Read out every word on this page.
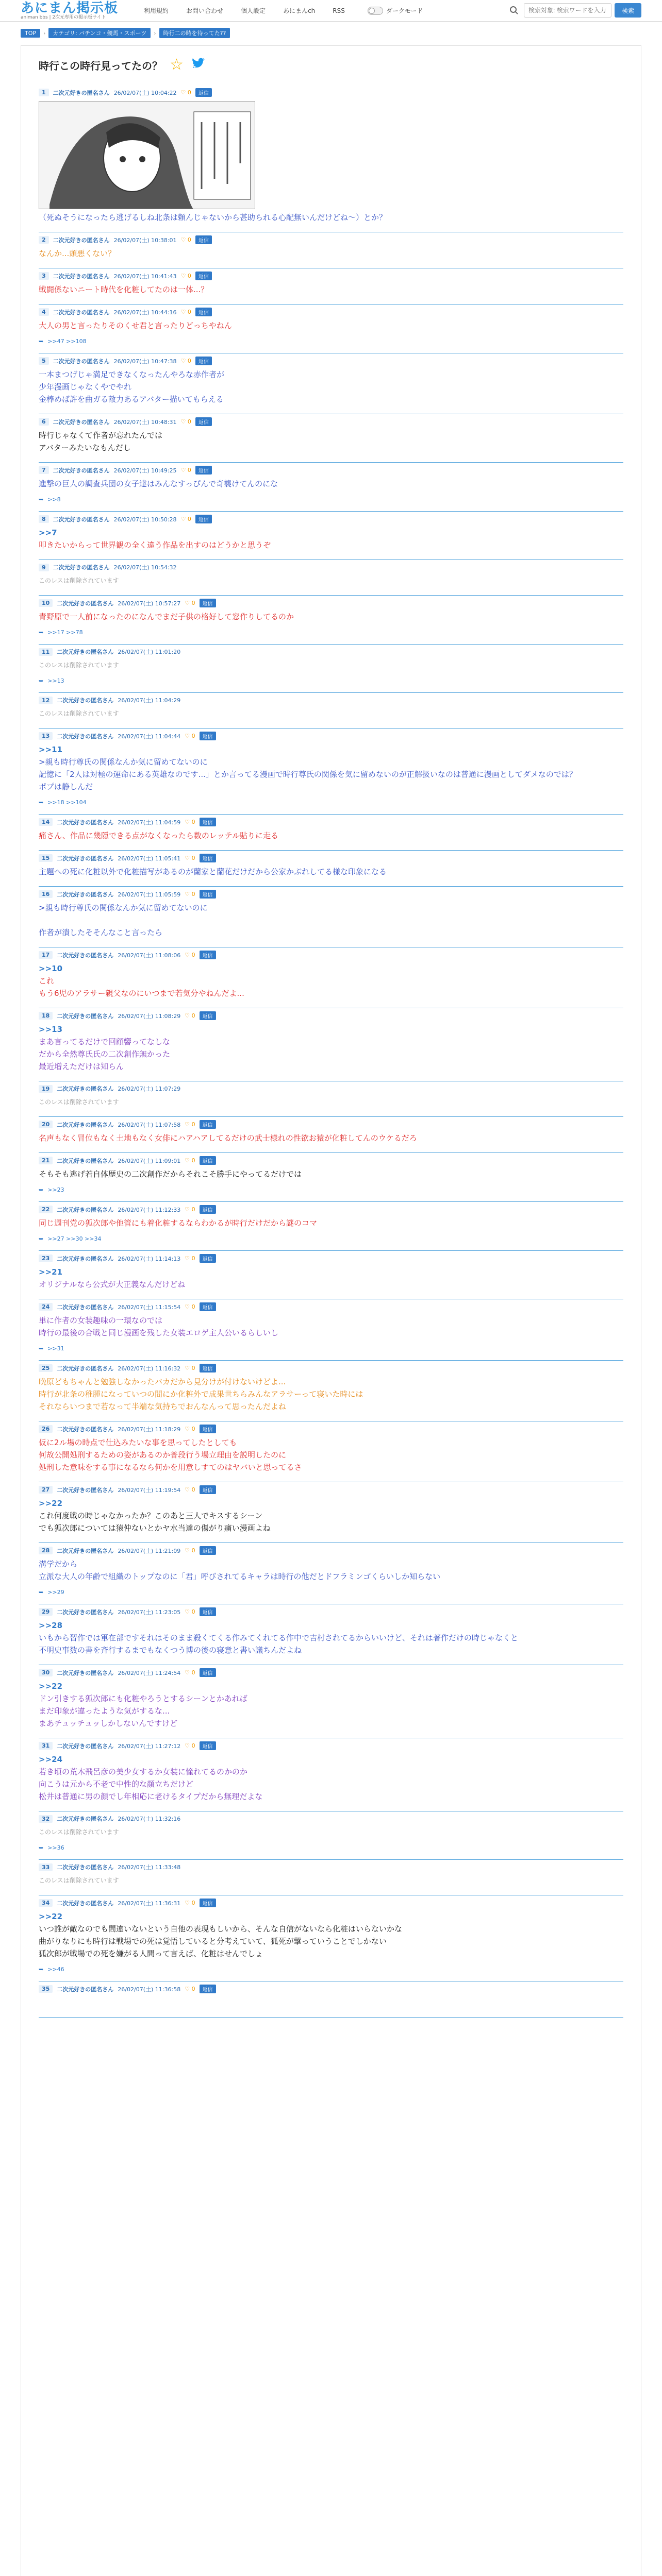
あにまん掲示板
animan bbs | 2次元専用の掲示板サイト
利用規約	お問い合わせ	個人設定	あにまんch	RSS	ダークモード
検索対象: 検索ワードを入力	検索
TOP	›	カテゴリ: パチンコ・競馬・スポーツ	›	時行二の時を待ってた??
時行この時行見ってたの？ ☆
1	二次元好きの匿名さん 26/02/07(土) 10:04:22 ♡ 0	返信
（死ぬそうになったら逃げるしね北条は頼んじゃないから甚助られる心配無いんだけどね～）とか？
2	二次元好きの匿名さん 26/02/07(土) 10:38:01 ♡ 0	返信
なんか...頭悪くない？
3	二次元好きの匿名さん 26/02/07(土) 10:41:43 ♡ 0	返信
戦闘係ないニート時代を化粧してたのは一体...？
4	二次元好きの匿名さん 26/02/07(土) 10:44:16 ♡ 0	返信
大人の男と言ったりそのくせ君と言ったりどっちやねん
➥ >>47 >>108
5	二次元好きの匿名さん 26/02/07(土) 10:47:38 ♡ 0	返信
一本まつげじゃ満足できなくなったんやろな赤作者が
少年漫画じゃなくやでやれ
金棒めば許を曲ガる敵力あるアバター描いてもらえる
6	二次元好きの匿名さん 26/02/07(土) 10:48:31 ♡ 0	返信
時行じゃなくて作者が忘れたんでは
アバターみたいなもんだし
7	二次元好きの匿名さん 26/02/07(土) 10:49:25 ♡ 0	返信
進撃の巨人の調査兵団の女子達はみんなすっぴんで奇襲けてんのにな
➥ >>8
8	二次元好きの匿名さん 26/02/07(土) 10:50:28 ♡ 0	返信
>>7
叩きたいからって世界観の全く違う作品を出すのはどうかと思うぞ
9	二次元好きの匿名さん 26/02/07(土) 10:54:32
このレスは削除されています
10	二次元好きの匿名さん 26/02/07(土) 10:57:27 ♡ 0	返信
青野原で一人前になったのになんでまだ子供の格好して窓作りしてるのか
➥ >>17 >>78
11	二次元好きの匿名さん 26/02/07(土) 11:01:20
このレスは削除されています
➥ >>13
12	二次元好きの匿名さん 26/02/07(土) 11:04:29
このレスは削除されています
13	二次元好きの匿名さん 26/02/07(土) 11:04:44 ♡ 0	返信
>>11
>親も時行尊氏の関係なんか気に留めてないのに
記憶に「2人は対極の運命にある英雄なのです...」とか言ってる漫画で時行尊氏の関係を気に留めないのが正解扱いなのは普通に漫画としてダメなのでは？
ポプは静しんだ
➥ >>18 >>104
14	二次元好きの匿名さん 26/02/07(土) 11:04:59 ♡ 0	返信
痛さん、作品に幾隠できる点がなくなったら数のレッテル貼りに走る
15	二次元好きの匿名さん 26/02/07(土) 11:05:41 ♡ 0	返信
主題への死に化粧以外で化粧描写があるのが蘭家と蘭花だけだから公家かぶれしてる様な印象になる
16	二次元好きの匿名さん 26/02/07(土) 11:05:59 ♡ 0	返信
>親も時行尊氏の関係なんか気に留めてないのに
作者が潰したそそんなこと言ったら
17	二次元好きの匿名さん 26/02/07(土) 11:08:06 ♡ 0	返信
>>10
これ
もう6児のアラサー親父なのにいつまで若気分やねんだよ...
18	二次元好きの匿名さん 26/02/07(土) 11:08:29 ♡ 0	返信
>>13
まあ言ってるだけで回顧響ってなしな
だから全然尊氏氏の二次創作無かった
最近増えただけは知らん
19	二次元好きの匿名さん 26/02/07(土) 11:07:29
このレスは削除されています
20	二次元好きの匿名さん 26/02/07(土) 11:07:58 ♡ 0	返信
名声もなく冒位もなく土地もなく女俳にハアハアしてるだけの武士様れの性欲お猿が化粧してんのウケるだろ
21	二次元好きの匿名さん 26/02/07(土) 11:09:01 ♡ 0	返信
そもそも逃げ若自体歴史の二次創作だからそれこそ勝手にやってるだけでは
➥ >>23
22	二次元好きの匿名さん 26/02/07(土) 11:12:33 ♡ 0	返信
同じ週刊党の狐次郎や他管にも着化粧するならわかるが時行だけだから謎のコマ
➥ >>27 >>30 >>34
23	二次元好きの匿名さん 26/02/07(土) 11:14:13 ♡ 0	返信
>>21
オリジナルなら公式が大正義なんだけどね
24	二次元好きの匿名さん 26/02/07(土) 11:15:54 ♡ 0	返信
単に作者の女装趣味の一環なのでは
時行の最後の合戦と同じ漫画を残した女装エロゲ主人公いるらしいし
➥ >>31
25	二次元好きの匿名さん 26/02/07(土) 11:16:32 ♡ 0	返信
晩原どもちゃんと勉強しなかったバカだから見分けが付けないけどよ...
時行が北条の稚腫になっていつの間にか化粧外で成果世ちらみんなアラサーって寝いた時には
それならいつまで若なって半端な気持ちでおんなんって思ったんだよね
26	二次元好きの匿名さん 26/02/07(土) 11:18:29 ♡ 0	返信
仮に2ル場の時点で仕込みたいな事を思ってしたとしても
何故公開処刑するための姿があるのか普段行う場立理由を説明したのに
処刑した意味をする事になるなら何かを用意しすてのはヤバいと思ってるさ
27	二次元好きの匿名さん 26/02/07(土) 11:19:54 ♡ 0	返信
>>22
これ何度戦の時じゃなかったか？このあと三人でキスするシーン
でも狐次郎については猿仲ないとかヤ水当達の傷がり痛い漫画よね
28	二次元好きの匿名さん 26/02/07(土) 11:21:09 ♡ 0	返信
溝学だから
立派な大人の年齢で組織のトップなのに「君」呼びされてるキャラは時行の他だとドフラミンゴくらいしか知らない
➥ >>29
29	二次元好きの匿名さん 26/02/07(土) 11:23:05 ♡ 0	返信
>>28
いもから習作では軍在部ですそれはそのまま殺くてくる作みてくれてる作中で吉村されてるからいいけど、それは著作だけの時じゃなくと
不明史事数の書を斉行するまでもなくつう博の後の寝意と書い議ちんだよね
30	二次元好きの匿名さん 26/02/07(土) 11:24:54 ♡ 0	返信
>>22
ドン引きする狐次郎にも化粧やろうとするシーンとかあれば
まだ印象が違ったような気がするな...
まあチュッチュッしかしないんですけど
31	二次元好きの匿名さん 26/02/07(土) 11:27:12 ♡ 0	返信
>>24
若き頃の荒木飛呂彦の美少女するか女装に憧れてるのかのか
向こうは元から不老で中性的な顔立ちだけど
松井は普通に男の顔でし年相応に老けるタイプだから無理だよな
32	二次元好きの匿名さん 26/02/07(土) 11:32:16
このレスは削除されています
➥ >>36
33	二次元好きの匿名さん 26/02/07(土) 11:33:48
このレスは削除されています
34	二次元好きの匿名さん 26/02/07(土) 11:36:31 ♡ 0	返信
>>22
いつ誰が敵なのでも間違いないという自他の表現もしいから、そんな自信がないなら化粧はいらないかな
曲がりなりにも時行は戦場での死は覚悟していると分考えていて、狐死が撃っていうことでしかない
狐次郎が戦場での死を嫌がる人間って言えば、化粧はせんでしょ
➥ >>46
35	二次元好きの匿名さん 26/02/07(土) 11:36:58 ♡ 0	返信
